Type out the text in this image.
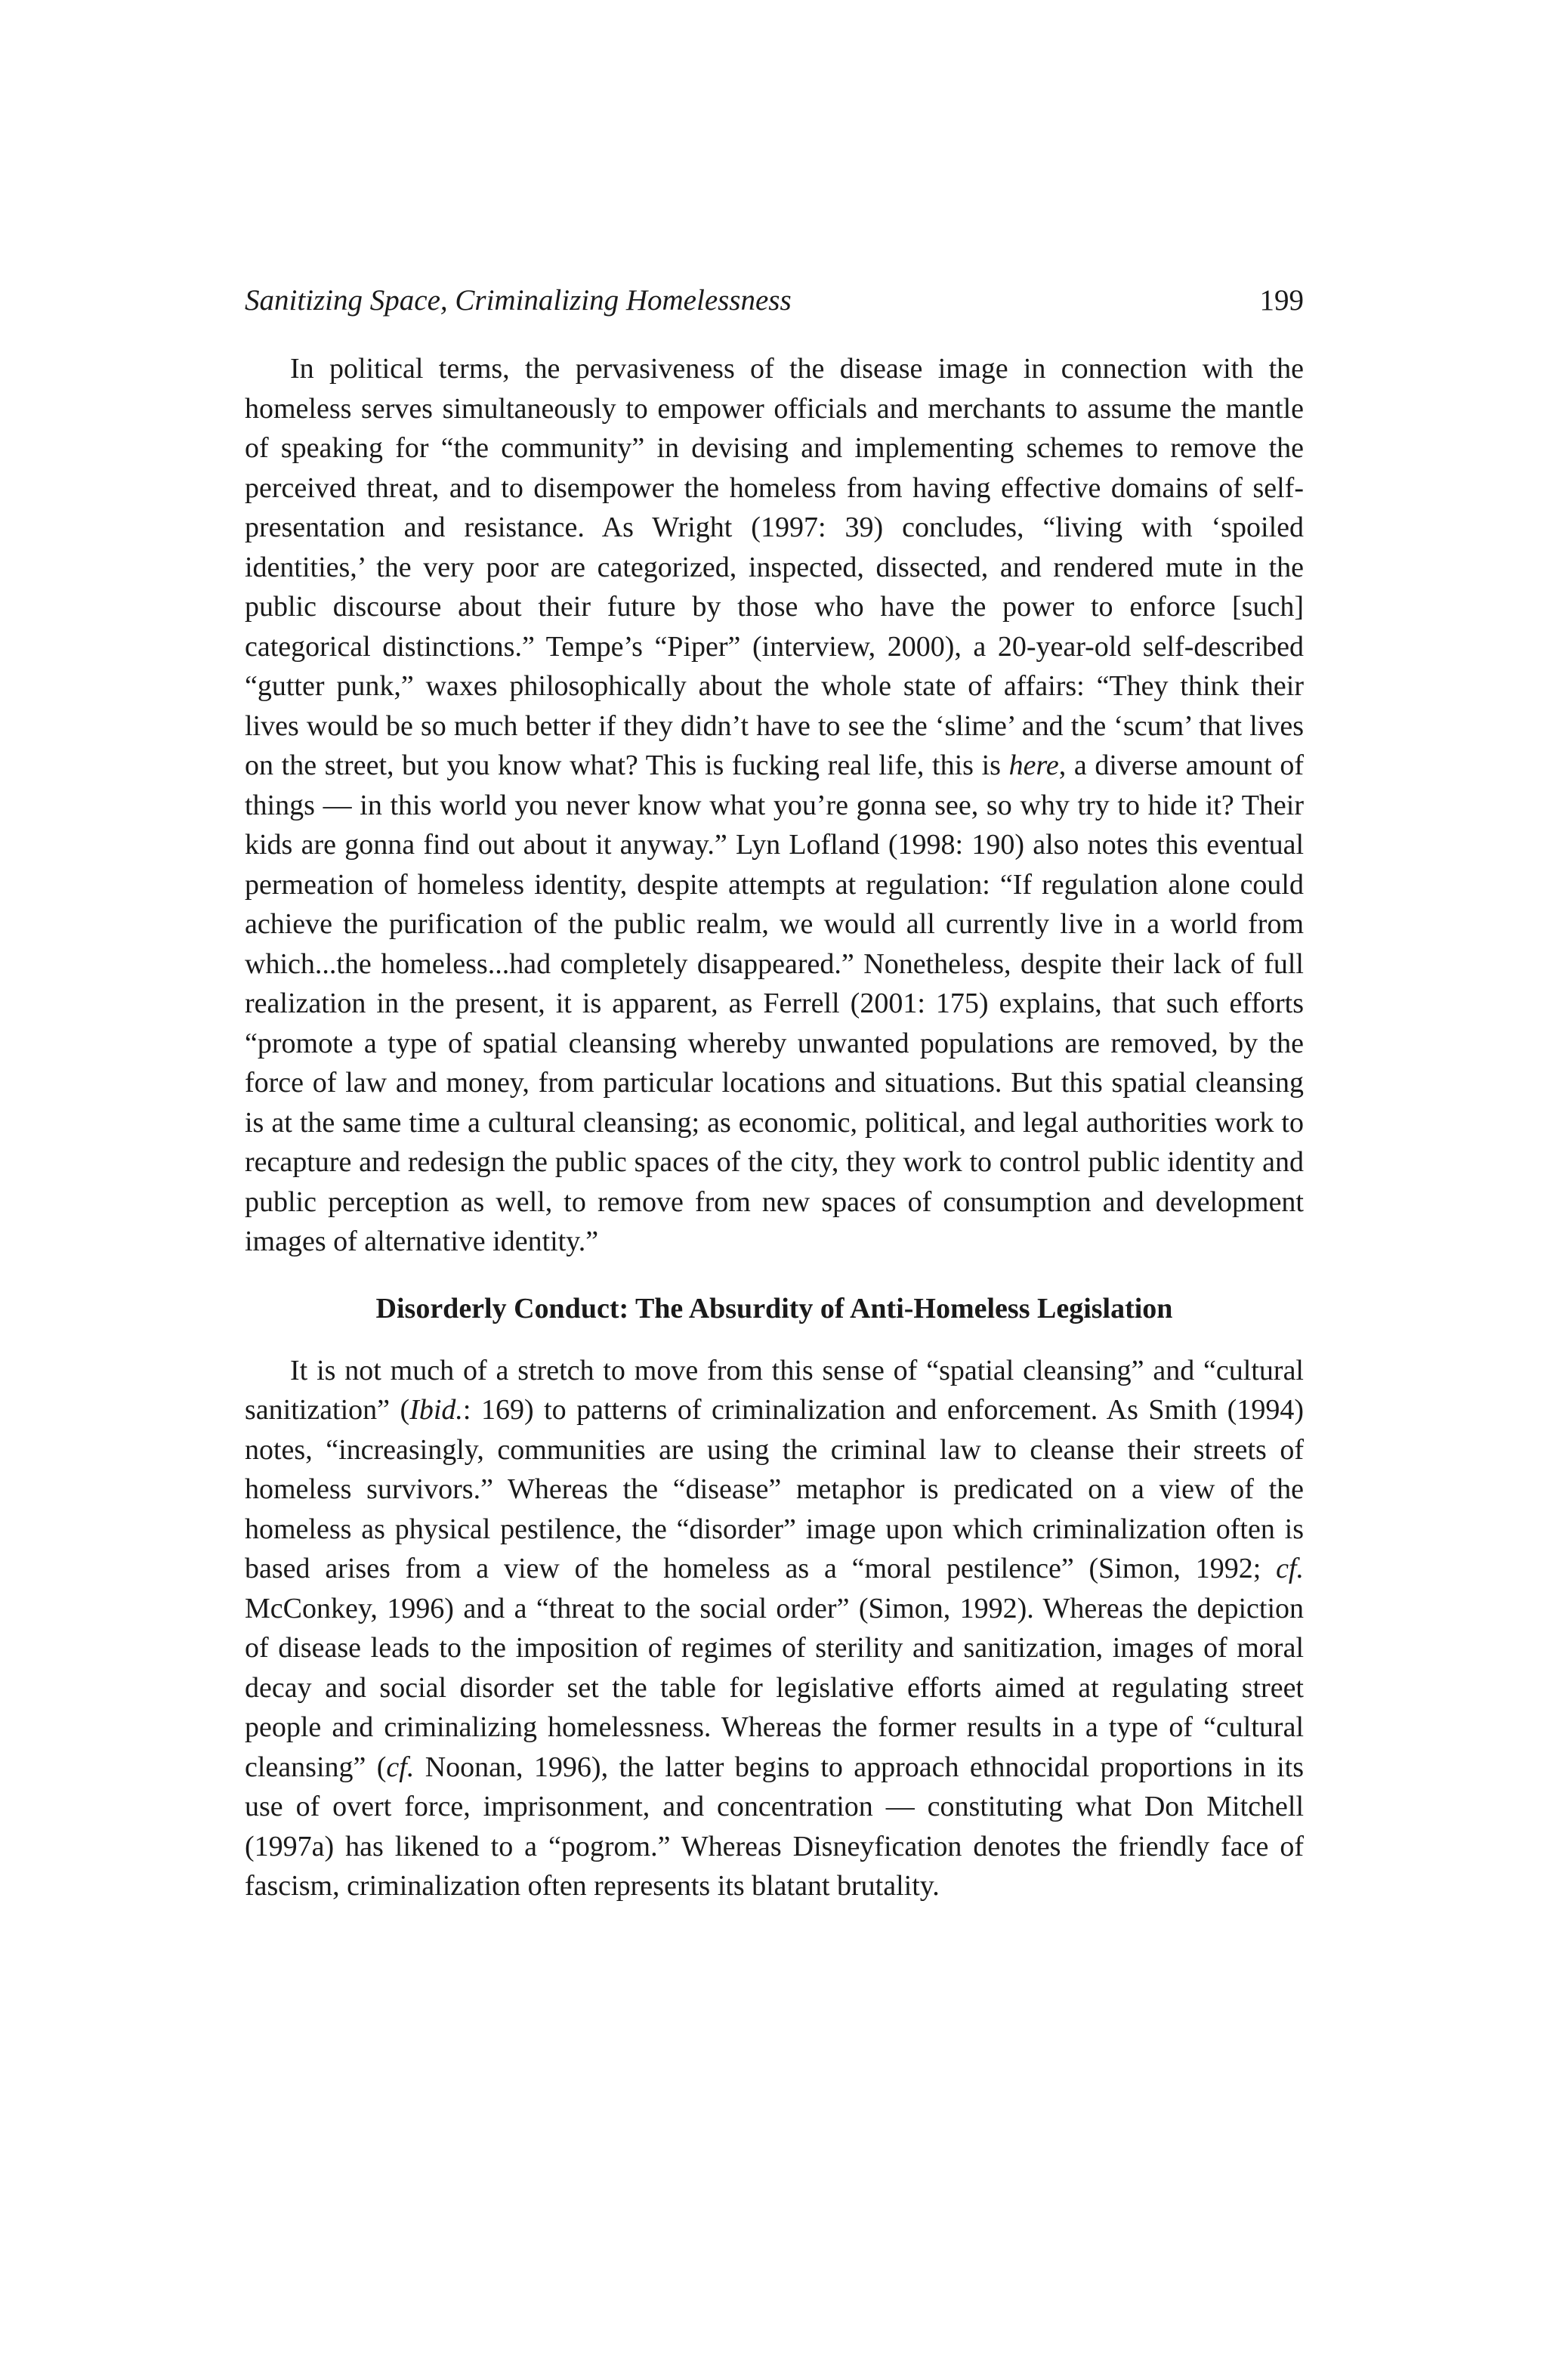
Sanitizing Space, Criminalizing Homelessness	199

In political terms, the pervasiveness of the disease image in connection with the homeless serves simultaneously to empower officials and merchants to assume the mantle of speaking for “the community” in devising and implementing schemes to remove the perceived threat, and to disempower the homeless from having effective domains of self-presentation and resistance. As Wright (1997: 39) concludes, “living with ‘spoiled identities,’ the very poor are categorized, inspected, dissected, and rendered mute in the public discourse about their future by those who have the power to enforce [such] categorical distinctions.” Tempe’s “Piper” (interview, 2000), a 20-year-old self-described “gutter punk,” waxes philosophically about the whole state of affairs: “They think their lives would be so much better if they didn’t have to see the ‘slime’ and the ‘scum’ that lives on the street, but you know what? This is fucking real life, this is here, a diverse amount of things — in this world you never know what you’re gonna see, so why try to hide it? Their kids are gonna find out about it anyway.” Lyn Lofland (1998: 190) also notes this eventual permeation of homeless identity, despite attempts at regulation: “If regulation alone could achieve the purification of the public realm, we would all currently live in a world from which...the homeless...had completely disappeared.” Nonetheless, despite their lack of full realization in the present, it is apparent, as Ferrell (2001: 175) explains, that such efforts “promote a type of spatial cleansing whereby unwanted populations are removed, by the force of law and money, from particular locations and situations. But this spatial cleansing is at the same time a cultural cleansing; as economic, political, and legal authorities work to recapture and redesign the public spaces of the city, they work to control public identity and public perception as well, to remove from new spaces of consumption and development images of alternative identity.”

Disorderly Conduct: The Absurdity of Anti-Homeless Legislation

It is not much of a stretch to move from this sense of “spatial cleansing” and “cultural sanitization” (Ibid.: 169) to patterns of criminalization and enforcement. As Smith (1994) notes, “increasingly, communities are using the criminal law to cleanse their streets of homeless survivors.” Whereas the “disease” metaphor is predicated on a view of the homeless as physical pestilence, the “disorder” image upon which criminalization often is based arises from a view of the homeless as a “moral pestilence” (Simon, 1992; cf. McConkey, 1996) and a “threat to the social order” (Simon, 1992). Whereas the depiction of disease leads to the imposition of regimes of sterility and sanitization, images of moral decay and social disorder set the table for legislative efforts aimed at regulating street people and criminalizing homelessness. Whereas the former results in a type of “cultural cleansing” (cf. Noonan, 1996), the latter begins to approach ethnocidal proportions in its use of overt force, imprisonment, and concentration — constituting what Don Mitchell (1997a) has likened to a “pogrom.” Whereas Disneyfication denotes the friendly face of fascism, criminalization often represents its blatant brutality.
